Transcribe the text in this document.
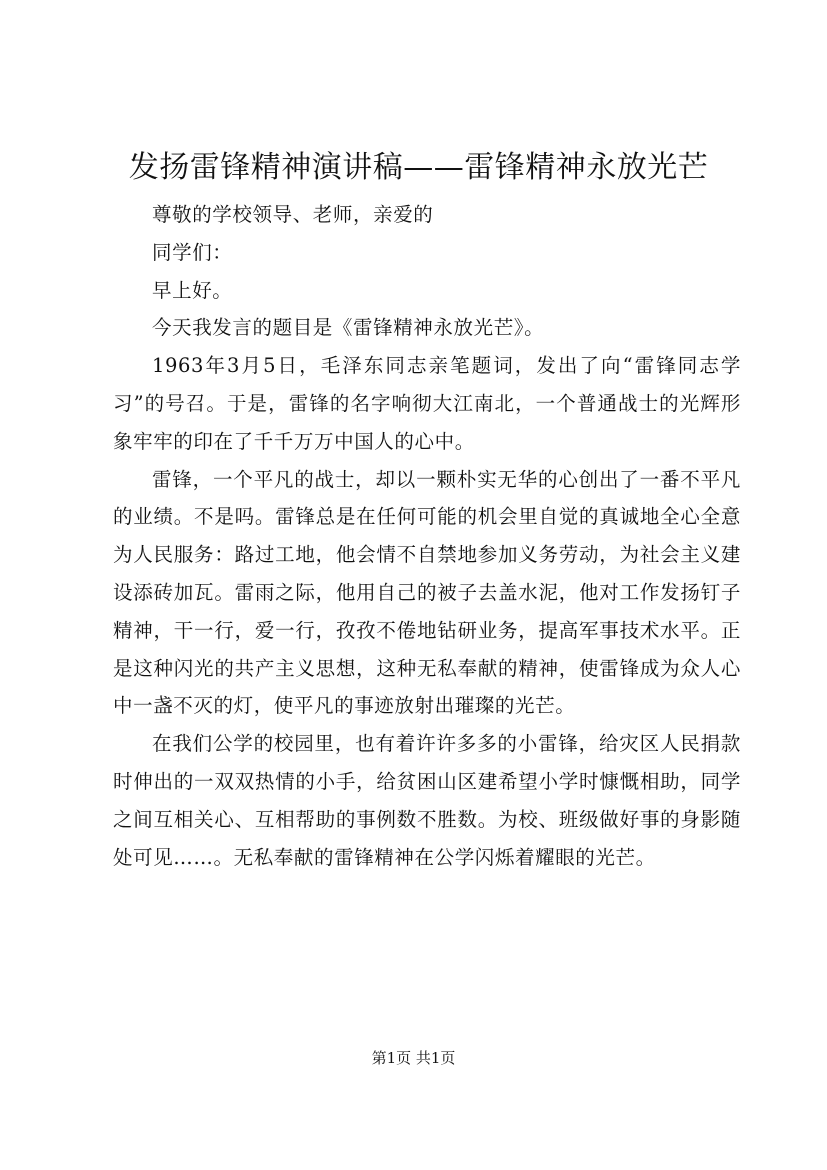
发扬雷锋精神演讲稿——雷锋精神永放光芒

尊敬的学校领导、老师，亲爱的

同学们：

早上好。

今天我发言的题目是《雷锋精神永放光芒》。

1963年3月5日，毛泽东同志亲笔题词，发出了向“雷锋同志学习”的号召。于是，雷锋的名字响彻大江南北，一个普通战士的光辉形象牢牢的印在了千千万万中国人的心中。

雷锋，一个平凡的战士，却以一颗朴实无华的心创出了一番不平凡的业绩。不是吗。雷锋总是在任何可能的机会里自觉的真诚地全心全意为人民服务：路过工地，他会情不自禁地参加义务劳动，为社会主义建设添砖加瓦。雷雨之际，他用自己的被子去盖水泥，他对工作发扬钉子精神，干一行，爱一行，孜孜不倦地钻研业务，提高军事技术水平。正是这种闪光的共产主义思想，这种无私奉献的精神，使雷锋成为众人心中一盏不灭的灯，使平凡的事迹放射出璀璨的光芒。

在我们公学的校园里，也有着许许多多的小雷锋，给灾区人民捐款时伸出的一双双热情的小手，给贫困山区建希望小学时慷慨相助，同学之间互相关心、互相帮助的事例数不胜数。为校、班级做好事的身影随处可见……。无私奉献的雷锋精神在公学闪烁着耀眼的光芒。

第1页 共1页
